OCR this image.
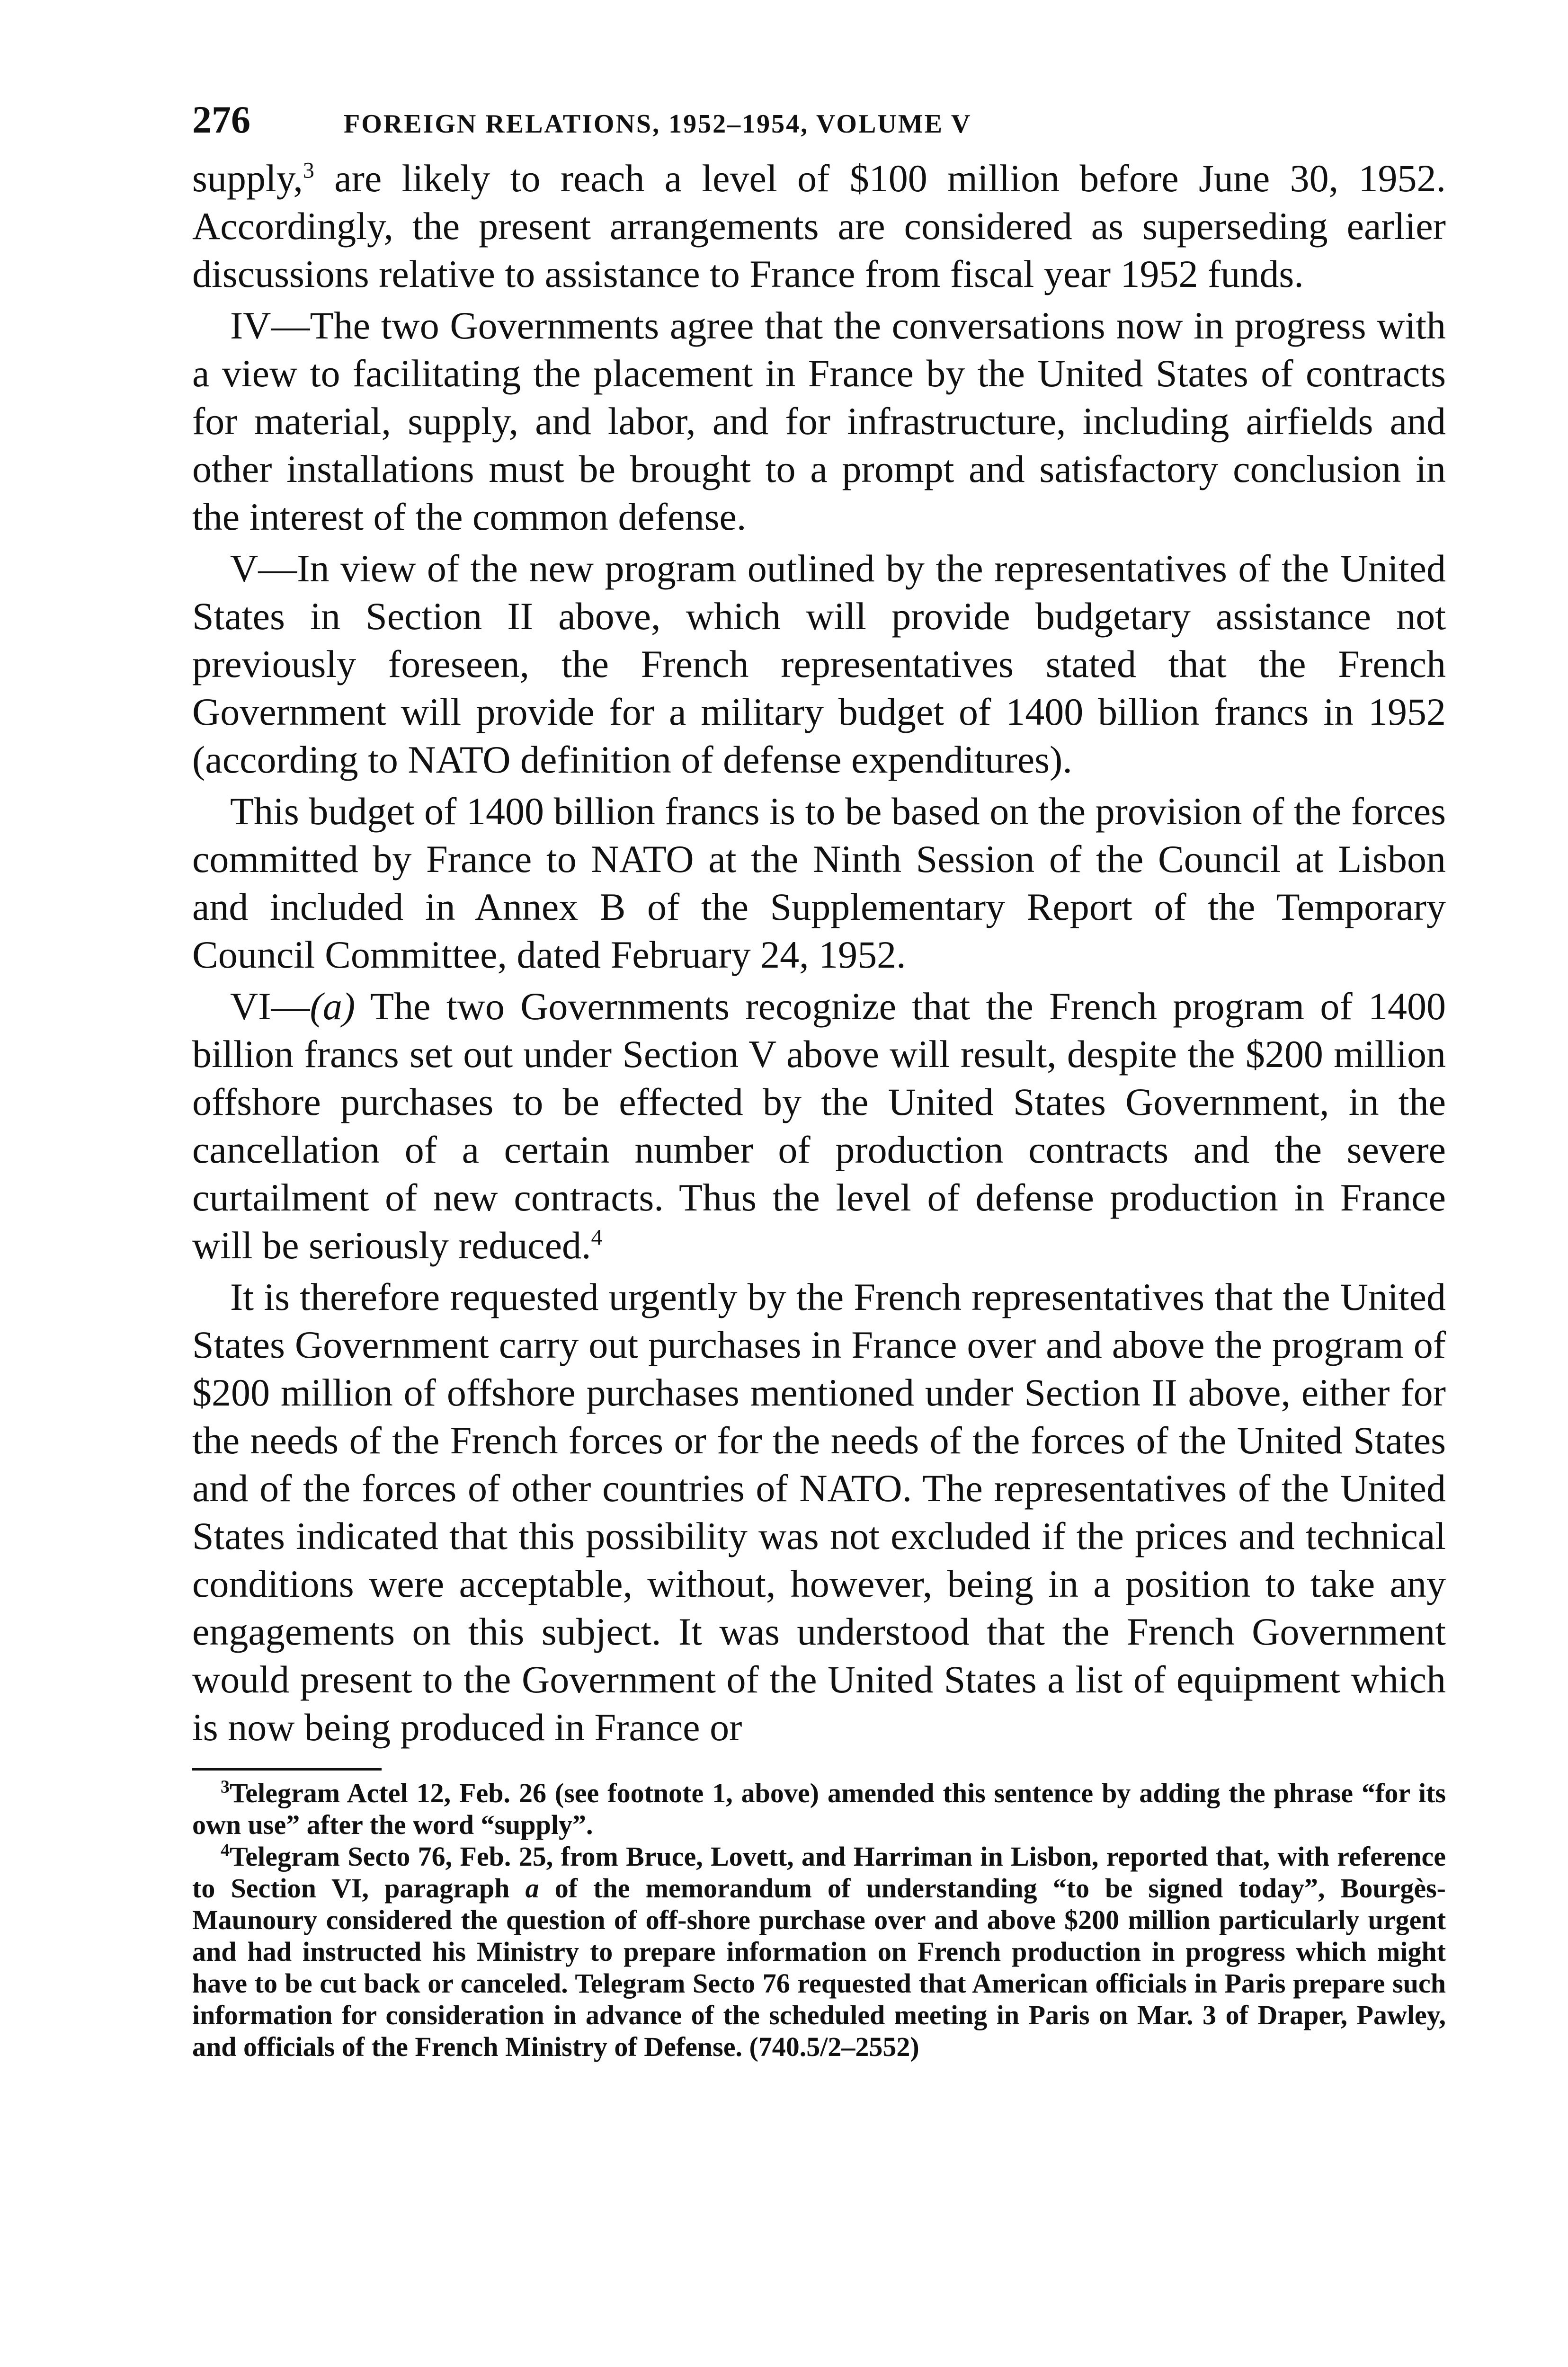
276	FOREIGN RELATIONS, 1952–1954, VOLUME V

supply,$^3$ are likely to reach a level of $100 million before June 30, 1952. Accordingly, the present arrangements are considered as superseding earlier discussions relative to assistance to France from fiscal year 1952 funds.

IV—The two Governments agree that the conversations now in progress with a view to facilitating the placement in France by the United States of contracts for material, supply, and labor, and for infrastructure, including airfields and other installations must be brought to a prompt and satisfactory conclusion in the interest of the common defense.

V—In view of the new program outlined by the representatives of the United States in Section II above, which will provide budgetary assistance not previously foreseen, the French representatives stated that the French Government will provide for a military budget of 1400 billion francs in 1952 (according to NATO definition of defense expenditures).

This budget of 1400 billion francs is to be based on the provision of the forces committed by France to NATO at the Ninth Session of the Council at Lisbon and included in Annex B of the Supplementary Report of the Temporary Council Committee, dated February 24, 1952.

VI—(a) The two Governments recognize that the French program of 1400 billion francs set out under Section V above will result, despite the $200 million offshore purchases to be effected by the United States Government, in the cancellation of a certain number of production contracts and the severe curtailment of new contracts. Thus the level of defense production in France will be seriously reduced.$^4$

It is therefore requested urgently by the French representatives that the United States Government carry out purchases in France over and above the program of $200 million of offshore purchases mentioned under Section II above, either for the needs of the French forces or for the needs of the forces of the United States and of the forces of other countries of NATO. The representatives of the United States indicated that this possibility was not excluded if the prices and technical conditions were acceptable, without, however, being in a position to take any engagements on this subject. It was understood that the French Government would present to the Government of the United States a list of equipment which is now being produced in France or

$^3$Telegram Actel 12, Feb. 26 (see footnote 1, above) amended this sentence by adding the phrase “for its own use” after the word “supply”.

$^4$Telegram Secto 76, Feb. 25, from Bruce, Lovett, and Harriman in Lisbon, reported that, with reference to Section VI, paragraph a of the memorandum of understanding “to be signed today”, Bourgès-Maunoury considered the question of off-shore purchase over and above $200 million particularly urgent and had instructed his Ministry to prepare information on French production in progress which might have to be cut back or canceled. Telegram Secto 76 requested that American officials in Paris prepare such information for consideration in advance of the scheduled meeting in Paris on Mar. 3 of Draper, Pawley, and officials of the French Ministry of Defense. (740.5/2–2552)
